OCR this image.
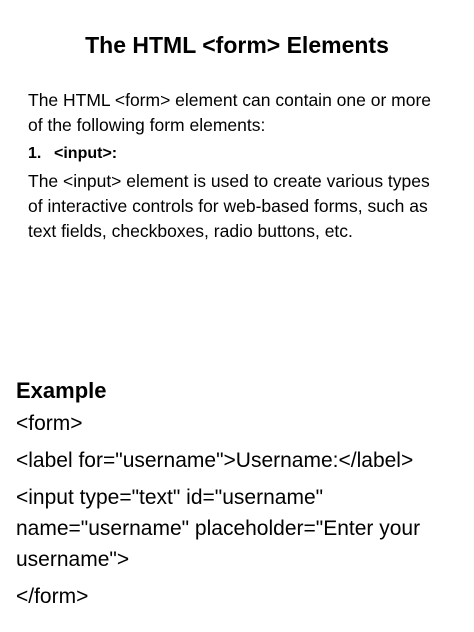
The HTML <form> Elements

The HTML <form> element can contain one or more of the following form elements:

1. <input>:

The <input> element is used to create various types of interactive controls for web-based forms, such as text fields, checkboxes, radio buttons, etc.

Example
<form>
<label for="username">Username:</label>
<input type="text" id="username" name="username" placeholder="Enter your username">
</form>
